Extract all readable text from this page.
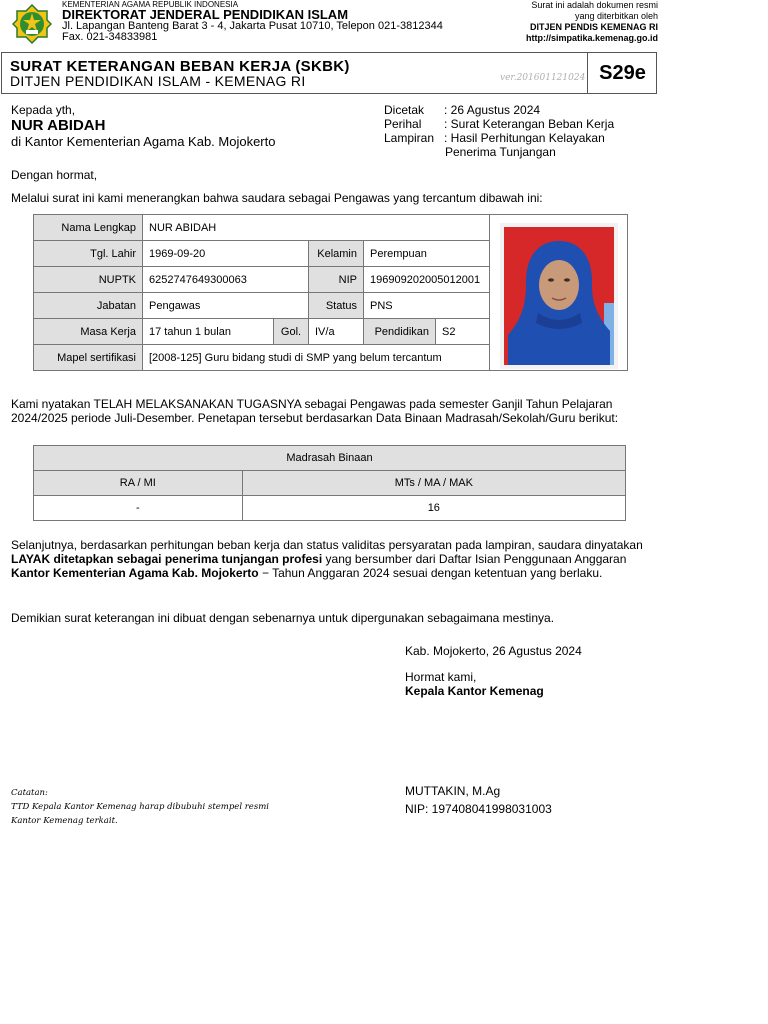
KEMENTERIAN AGAMA REPUBLIK INDONESIA
DIREKTORAT JENDERAL PENDIDIKAN ISLAM
Jl. Lapangan Banteng Barat 3 - 4, Jakarta Pusat 10710, Telepon 021-3812344
Fax. 021-34833981
Surat ini adalah dokumen resmi
yang diterbitkan oleh
DITJEN PENDIS KEMENAG RI
http://simpatika.kemenag.go.id
SURAT KETERANGAN BEBAN KERJA (SKBK)
DITJEN PENDIDIKAN ISLAM - KEMENAG RI	ver.201601121024 S29e
Kepada yth,
NUR ABIDAH
di Kantor Kementerian Agama Kab. Mojokerto
Dicetak	: 26 Agustus 2024
Perihal	: Surat Keterangan Beban Kerja
Lampiran	: Hasil Perhitungan Kelayakan
Penerima Tunjangan
Dengan hormat,
Melalui surat ini kami menerangkan bahwa saudara sebagai Pengawas yang tercantum dibawah ini:
Nama Lengkap	NUR ABIDAH	

Tgl. Lahir	1969-09-20		Kelamin	Perempuan		
NUPTK	6252747649300063		NIP	196909202005012001		
Jabatan	Pengawas		Status	PNS		
Masa Kerja	17 tahun 1 bulan	Gol.	IV/a	Pendidikan	S2	
Mapel sertifikasi	[2008-125] Guru bidang studi di SMP yang belum tercantum					
Kami nyatakan TELAH MELAKSANAKAN TUGASNYA sebagai Pengawas pada semester Ganjil Tahun Pelajaran 2024/2025 periode Juli-Desember. Penetapan tersebut berdasarkan Data Binaan Madrasah/Sekolah/Guru berikut:
Madrasah Binaan	
RA / MI	MTs / MA / MAK
-	16
Selanjutnya, berdasarkan perhitungan beban kerja dan status validitas persyaratan pada lampiran, saudara dinyatakan LAYAK ditetapkan sebagai penerima tunjangan profesi yang bersumber dari Daftar Isian Penggunaan Anggaran Kantor Kementerian Agama Kab. Mojokerto − Tahun Anggaran 2024 sesuai dengan ketentuan yang berlaku.
Demikian surat keterangan ini dibuat dengan sebenarnya untuk dipergunakan sebagaimana mestinya.
Kab. Mojokerto, 26 Agustus 2024
Hormat kami,
Kepala Kantor Kemenag
MUTTAKIN, M.Ag
NIP: 197408041998031003
Catatan:
TTD Kepala Kantor Kemenag harap dibubuhi stempel resmi Kantor Kemenag terkait.
